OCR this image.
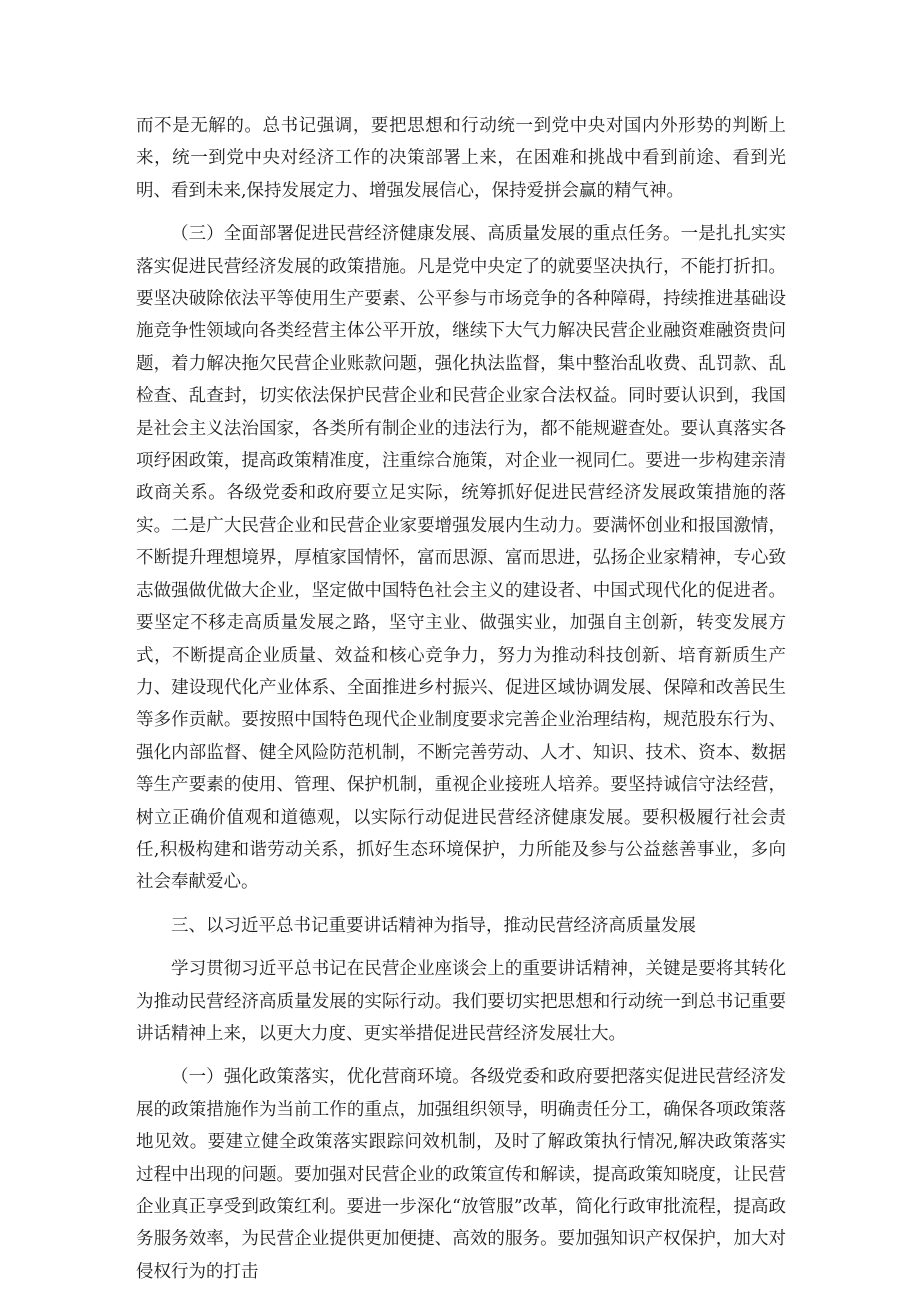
而不是无解的。总书记强调，要把思想和行动统一到党中央对国内外形势的判断上来，统一到党中央对经济工作的决策部署上来，在困难和挑战中看到前途、看到光明、看到未来,保持发展定力、增强发展信心，保持爱拼会赢的精气神。

（三）全面部署促进民营经济健康发展、高质量发展的重点任务。一是扎扎实实落实促进民营经济发展的政策措施。凡是党中央定了的就要坚决执行，不能打折扣。要坚决破除依法平等使用生产要素、公平参与市场竞争的各种障碍，持续推进基础设施竞争性领域向各类经营主体公平开放，继续下大气力解决民营企业融资难融资贵问题，着力解决拖欠民营企业账款问题，强化执法监督，集中整治乱收费、乱罚款、乱检查、乱查封，切实依法保护民营企业和民营企业家合法权益。同时要认识到，我国是社会主义法治国家，各类所有制企业的违法行为，都不能规避查处。要认真落实各项纾困政策，提高政策精准度，注重综合施策，对企业一视同仁。要进一步构建亲清政商关系。各级党委和政府要立足实际，统筹抓好促进民营经济发展政策措施的落实。二是广大民营企业和民营企业家要增强发展内生动力。要满怀创业和报国激情，不断提升理想境界，厚植家国情怀，富而思源、富而思进，弘扬企业家精神，专心致志做强做优做大企业，坚定做中国特色社会主义的建设者、中国式现代化的促进者。要坚定不移走高质量发展之路，坚守主业、做强实业，加强自主创新，转变发展方式，不断提高企业质量、效益和核心竞争力，努力为推动科技创新、培育新质生产力、建设现代化产业体系、全面推进乡村振兴、促进区域协调发展、保障和改善民生等多作贡献。要按照中国特色现代企业制度要求完善企业治理结构，规范股东行为、强化内部监督、健全风险防范机制，不断完善劳动、人才、知识、技术、资本、数据等生产要素的使用、管理、保护机制，重视企业接班人培养。要坚持诚信守法经营，树立正确价值观和道德观，以实际行动促进民营经济健康发展。要积极履行社会责任,积极构建和谐劳动关系，抓好生态环境保护，力所能及参与公益慈善事业，多向社会奉献爱心。

三、以习近平总书记重要讲话精神为指导，推动民营经济高质量发展

学习贯彻习近平总书记在民营企业座谈会上的重要讲话精神，关键是要将其转化为推动民营经济高质量发展的实际行动。我们要切实把思想和行动统一到总书记重要讲话精神上来，以更大力度、更实举措促进民营经济发展壮大。

（一）强化政策落实，优化营商环境。各级党委和政府要把落实促进民营经济发展的政策措施作为当前工作的重点，加强组织领导，明确责任分工，确保各项政策落地见效。要建立健全政策落实跟踪问效机制，及时了解政策执行情况,解决政策落实过程中出现的问题。要加强对民营企业的政策宣传和解读，提高政策知晓度，让民营企业真正享受到政策红利。要进一步深化“放管服”改革，简化行政审批流程，提高政务服务效率，为民营企业提供更加便捷、高效的服务。要加强知识产权保护，加大对侵权行为的打击
